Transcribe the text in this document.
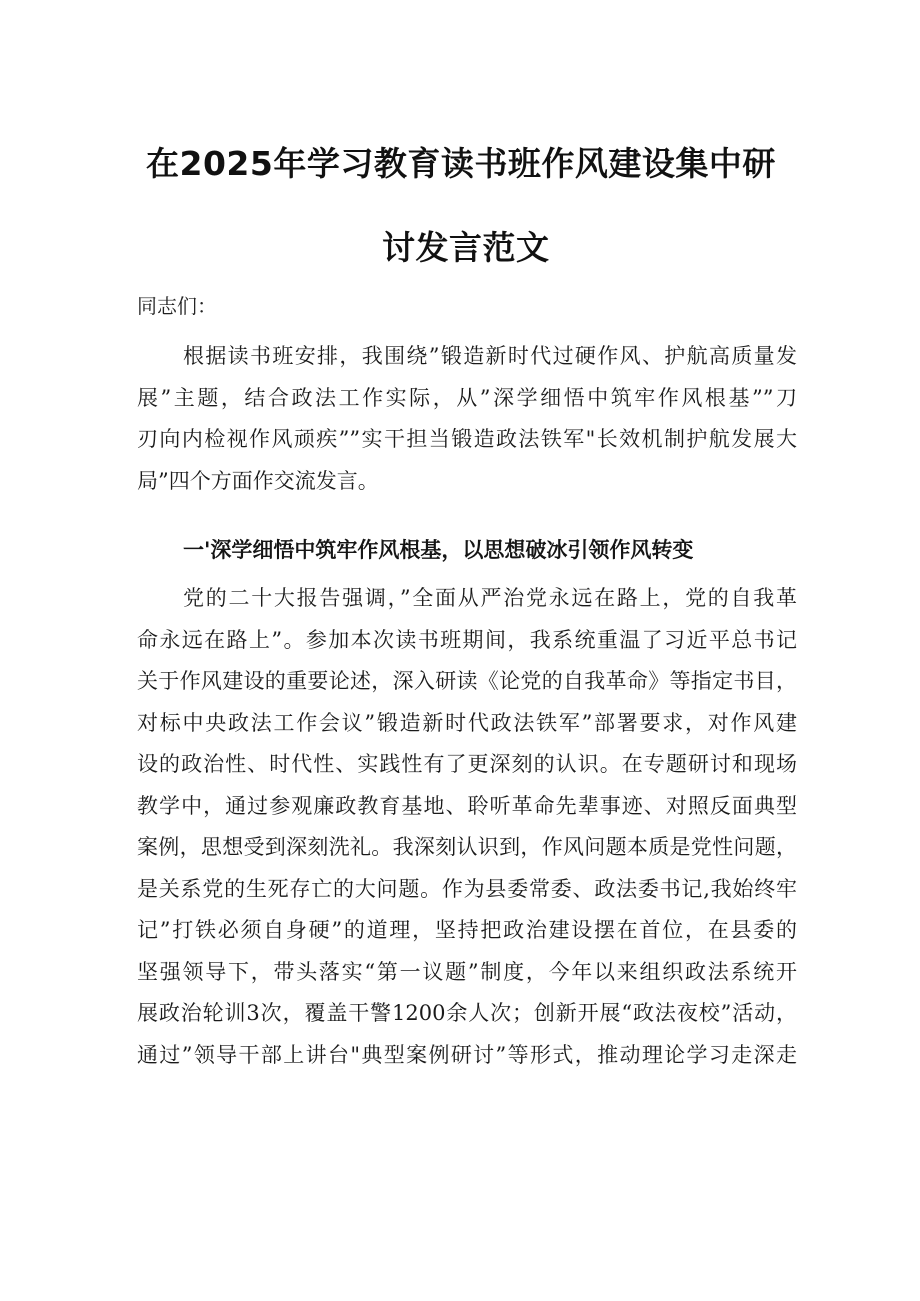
在2025年学习教育读书班作风建设集中研
讨发言范文
同志们：
根据读书班安排，我围绕”锻造新时代过硬作风、护航高质量发
展”主题，结合政法工作实际，从”深学细悟中筑牢作风根基””刀
刃向内检视作风顽疾””实干担当锻造政法铁军"长效机制护航发展大
局”四个方面作交流发言。
一'深学细悟中筑牢作风根基，以思想破冰引领作风转变
党的二十大报告强调，”全面从严治党永远在路上，党的自我革
命永远在路上”。参加本次读书班期间，我系统重温了习近平总书记
关于作风建设的重要论述，深入研读《论党的自我革命》等指定书目，
对标中央政法工作会议”锻造新时代政法铁军”部署要求，对作风建
设的政治性、时代性、实践性有了更深刻的认识。在专题研讨和现场
教学中，通过参观廉政教育基地、聆听革命先辈事迹、对照反面典型
案例，思想受到深刻洗礼。我深刻认识到，作风问题本质是党性问题，
是关系党的生死存亡的大问题。作为县委常委、政法委书记,我始终牢
记”打铁必须自身硬”的道理，坚持把政治建设摆在首位，在县委的
坚强领导下，带头落实“第一议题”制度，今年以来组织政法系统开
展政治轮训3次，覆盖干警1200余人次；创新开展“政法夜校”活动，
通过”领导干部上讲台"典型案例研讨”等形式，推动理论学习走深走
